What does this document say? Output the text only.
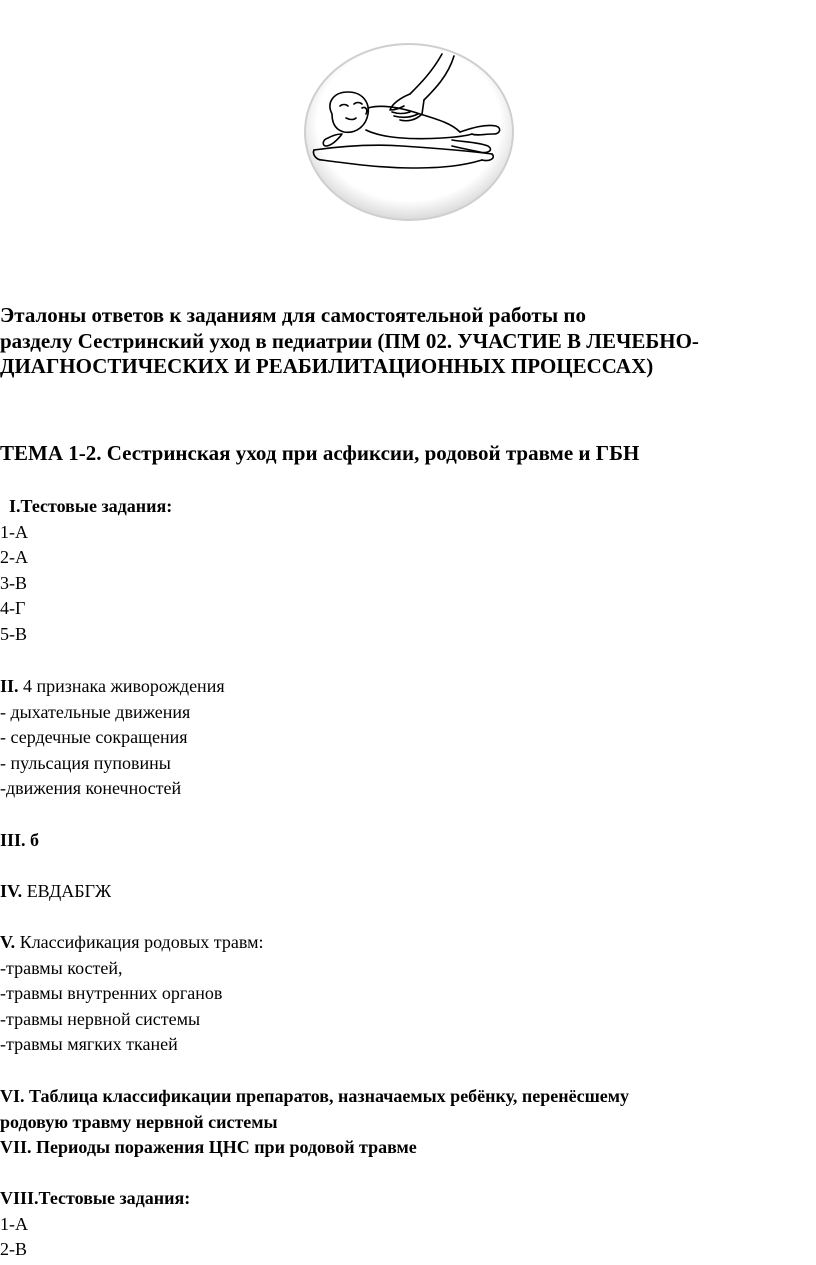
Эталоны ответов к заданиям для самостоятельной работы по
разделу Сестринский уход в педиатрии (ПМ 02. УЧАСТИЕ В ЛЕЧЕБНО-
ДИАГНОСТИЧЕСКИХ И РЕАБИЛИТАЦИОННЫХ ПРОЦЕССАХ)
ТЕМА 1-2. Сестринская уход при асфиксии, родовой травме и ГБН
I.Тестовые задания:
1-А
2-А
3-В
4-Г
5-В
II. 4 признака живорождения
- дыхательные движения
- сердечные сокращения
- пульсация пуповины
-движения конечностей
III. б
IV. ЕВДАБГЖ
V. Классификация родовых травм:
-травмы костей,
-травмы внутренних органов
-травмы нервной системы
-травмы мягких тканей
VI. Таблица классификации препаратов, назначаемых ребёнку, перенёсшему
родовую травму нервной системы
VII. Периоды поражения ЦНС при родовой травме
VIII.Тестовые задания:
1-А
2-В
